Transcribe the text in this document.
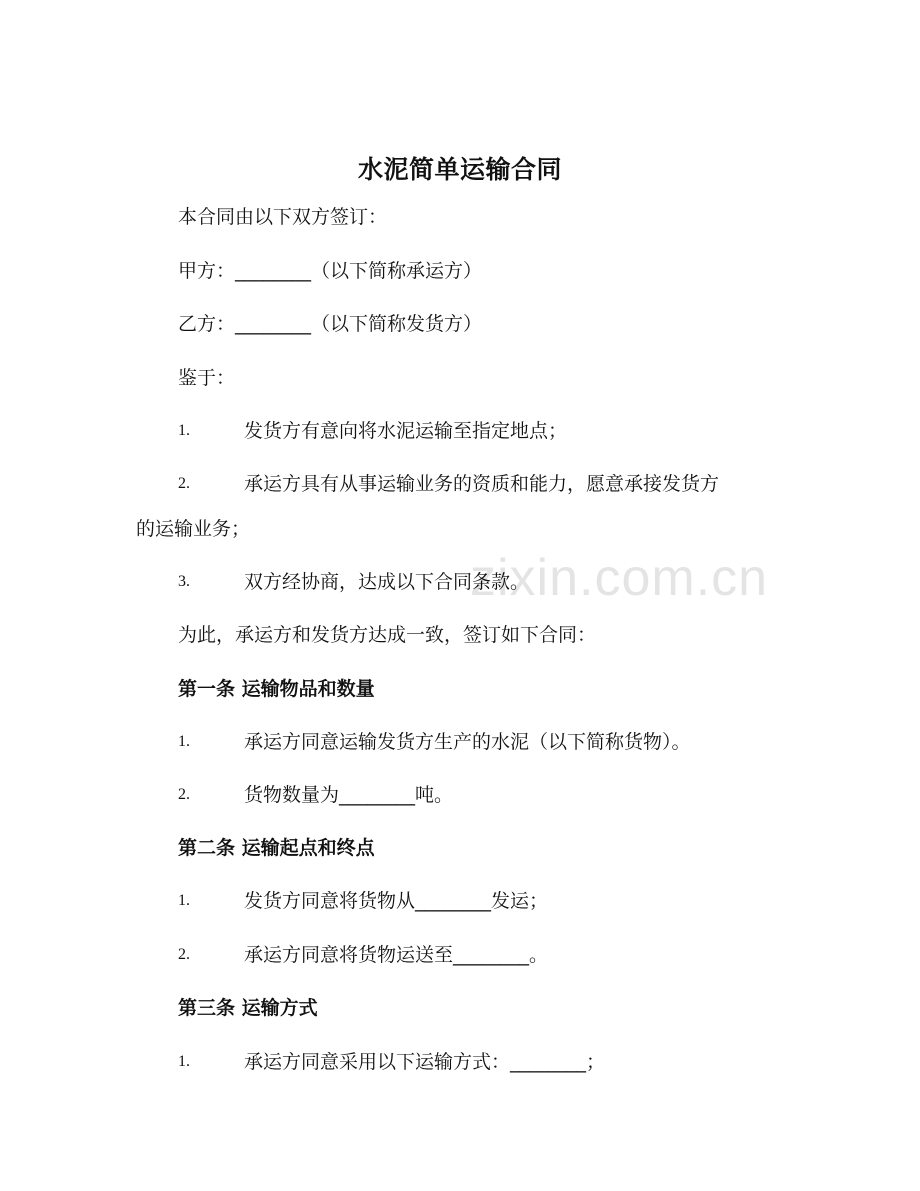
水泥简单运输合同
本合同由以下双方签订：
甲方：________（以下简称承运方）
乙方：________（以下简称发货方）
鉴于：
1.	发货方有意向将水泥运输至指定地点；
2.	承运方具有从事运输业务的资质和能力，愿意承接发货方
的运输业务；
3.	双方经协商，达成以下合同条款。
为此，承运方和发货方达成一致，签订如下合同：
第一条 运输物品和数量
1.	承运方同意运输发货方生产的水泥（以下简称货物）。
2.	货物数量为________吨。
第二条 运输起点和终点
1.	发货方同意将货物从________发运；
2.	承运方同意将货物运送至________。
第三条 运输方式
1.	承运方同意采用以下运输方式：________；
zixin.com.cn
